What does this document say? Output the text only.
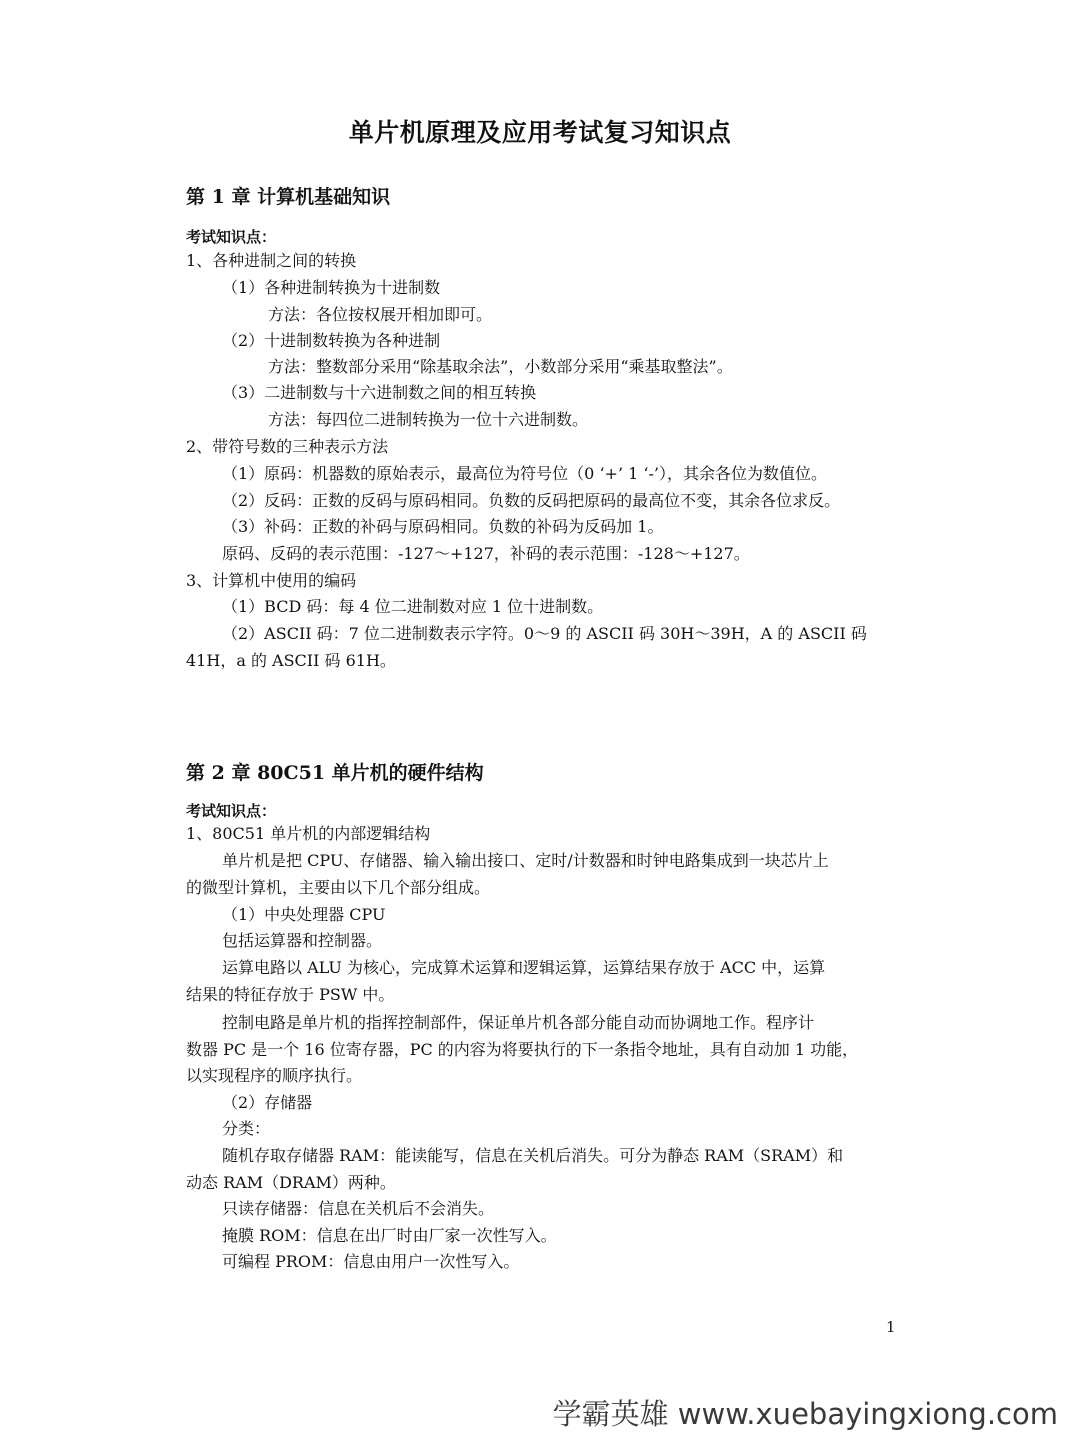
单片机原理及应用考试复习知识点
第 1 章 计算机基础知识
考试知识点：
1、各种进制之间的转换
（1）各种进制转换为十进制数
方法：各位按权展开相加即可。
（2）十进制数转换为各种进制
方法：整数部分采用“除基取余法”，小数部分采用“乘基取整法”。
（3）二进制数与十六进制数之间的相互转换
方法：每四位二进制转换为一位十六进制数。
2、带符号数的三种表示方法
（1）原码：机器数的原始表示，最高位为符号位（0 ‘+’ 1 ‘-’），其余各位为数值位。
（2）反码：正数的反码与原码相同。负数的反码把原码的最高位不变，其余各位求反。
（3）补码：正数的补码与原码相同。负数的补码为反码加 1。
原码、反码的表示范围：-127～+127，补码的表示范围：-128～+127。
3、计算机中使用的编码
（1）BCD 码：每 4 位二进制数对应 1 位十进制数。
（2）ASCII 码：7 位二进制数表示字符。0～9 的 ASCII 码 30H～39H，A 的 ASCII 码
41H，a 的 ASCII 码 61H。
第 2 章 80C51 单片机的硬件结构
考试知识点：
1、80C51 单片机的内部逻辑结构
单片机是把 CPU、存储器、输入输出接口、定时/计数器和时钟电路集成到一块芯片上
的微型计算机，主要由以下几个部分组成。
（1）中央处理器 CPU
包括运算器和控制器。
运算电路以 ALU 为核心，完成算术运算和逻辑运算，运算结果存放于 ACC 中，运算
结果的特征存放于 PSW 中。
控制电路是单片机的指挥控制部件，保证单片机各部分能自动而协调地工作。程序计
数器 PC 是一个 16 位寄存器，PC 的内容为将要执行的下一条指令地址，具有自动加 1 功能，
以实现程序的顺序执行。
（2）存储器
分类：
随机存取存储器 RAM：能读能写，信息在关机后消失。可分为静态 RAM（SRAM）和
动态 RAM（DRAM）两种。
只读存储器：信息在关机后不会消失。
掩膜 ROM：信息在出厂时由厂家一次性写入。
可编程 PROM：信息由用户一次性写入。
1
学霸英雄 www.xuebayingxiong.com
